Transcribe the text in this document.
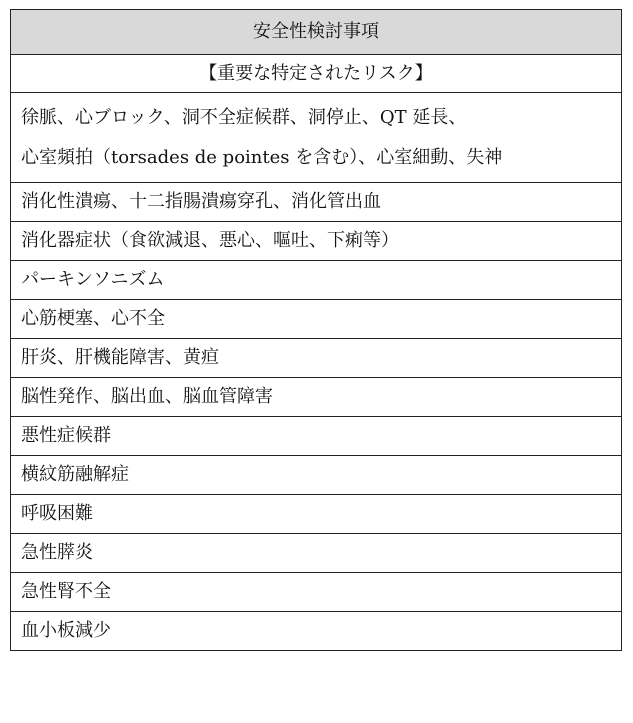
安全性検討事項
【重要な特定されたリスク】

徐脈、心ブロック、洞不全症候群、洞停止、QT 延長、
心室頻拍（torsades de pointes を含む）、心室細動、失神

消化性潰瘍、十二指腸潰瘍穿孔、消化管出血
消化器症状（食欲減退、悪心、嘔吐、下痢等）
パーキンソニズム
心筋梗塞、心不全
肝炎、肝機能障害、黄疸
脳性発作、脳出血、脳血管障害
悪性症候群
横紋筋融解症
呼吸困難
急性膵炎
急性腎不全
血小板減少
